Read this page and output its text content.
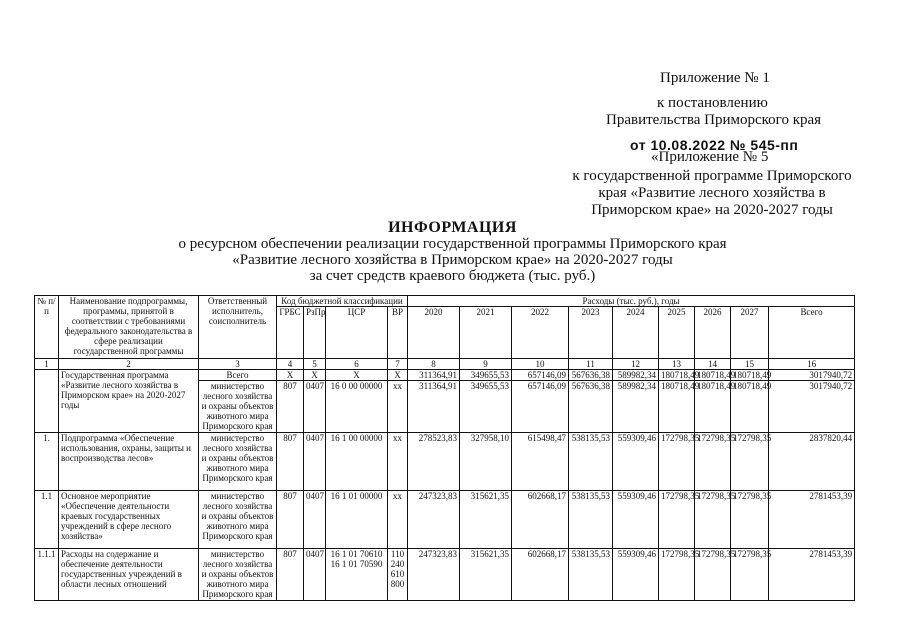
Приложение № 1
к постановлению
Правительства Приморского края
от 10.08.2022 № 545-пп
«Приложение № 5
к государственной программе Приморского
края «Развитие лесного хозяйства в
Приморском крае» на 2020-2027 годы
ИНФОРМАЦИЯ
о ресурсном обеспечении реализации государственной программы Приморского края
«Развитие лесного хозяйства в Приморском крае» на 2020-2027 годы
за счет средств краевого бюджета (тыс. руб.)
№ п/п	Наименование подпрограммы, программы, принятой в соответствии с требованиями федерального законодательства в сфере реализации государственной программы	Ответственный исполнитель, соисполнитель	Код бюджетной классификации				Расходы (тыс. руб.), годы								
			ГРБС	РзПр	ЦСР	ВР	2020	2021	2022	2023	2024	2025	2026	2027	Всего
1	2	3	4	5	6	7	8	9	10	11	12	13	14	15	16
	Государственная программа «Развитие лесного хозяйства в Приморском крае» на 2020-2027 годы	Всего	X	X	X	X	311364,91	349655,53	657146,09	567636,38	589982,34	180718,49	180718,49	180718,49	3017940,72
		министерство лесного хозяйства и охраны объектов животного мира Приморского края	807	0407	16 0 00 00000	хх	311364,91	349655,53	657146,09	567636,38	589982,34	180718,49	180718,49	180718,49	3017940,72
1.	Подпрограмма «Обеспечение использования, охраны, защиты и воспроизводства лесов»	министерство лесного хозяйства и охраны объектов животного мира Приморского края	807	0407	16 1 00 00000	хх	278523,83	327958,10	615498,47	538135,53	559309,46	172798,35	172798,35	172798,35	2837820,44
1.1	Основное мероприятие «Обеспечение деятельности краевых государственных учреждений в сфере лесного хозяйства»	министерство лесного хозяйства и охраны объектов животного мира Приморского края	807	0407	16 1 01 00000	хх	247323,83	315621,35	602668,17	538135,53	559309,46	172798,35	172798,35	172798,35	2781453,39
1.1.1	Расходы на содержание и обеспечение деятельности государственных учреждений в области лесных отношений	министерство лесного хозяйства и охраны объектов животного мира Приморского края	807	0407	16 1 01 70610 16 1 01 70590	110 240 610 800	247323,83	315621,35	602668,17	538135,53	559309,46	172798,35	172798,35	172798,35	2781453,39
